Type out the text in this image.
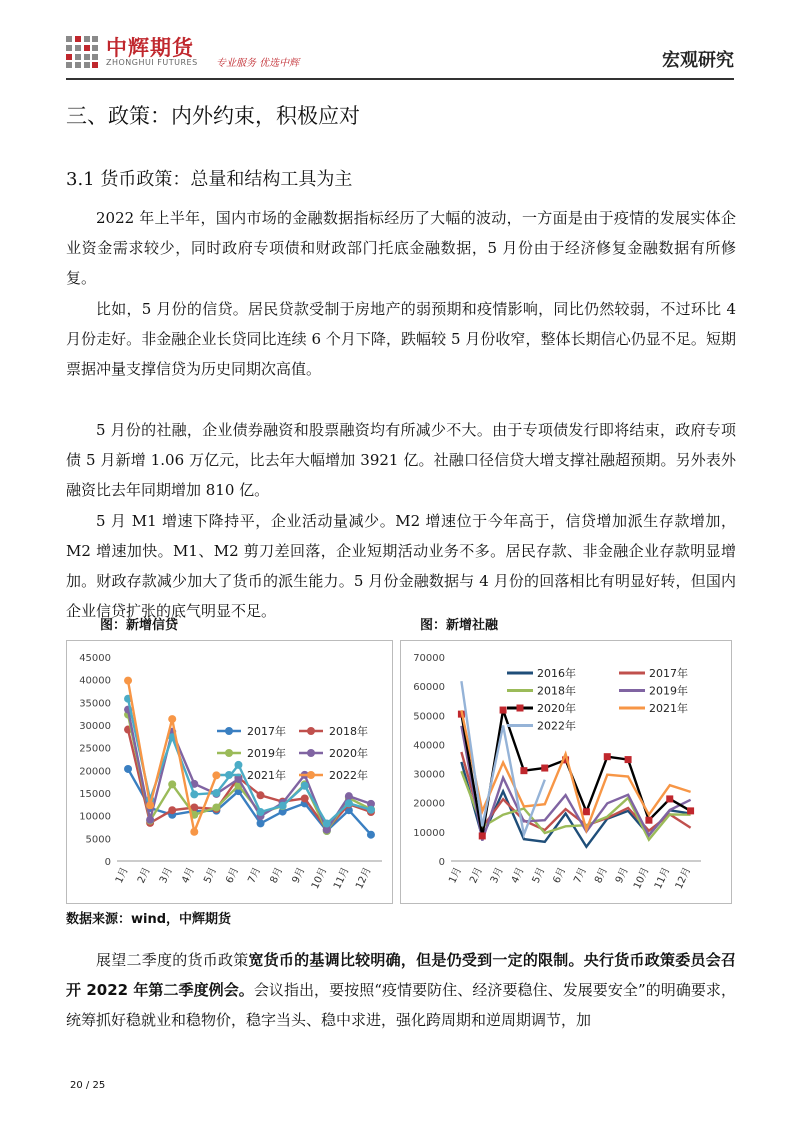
中辉期货
ZHONGHUI FUTURES 专业服务 优选中辉	宏观研究
三、政策：内外约束，积极应对
3.1 货币政策：总量和结构工具为主

2022 年上半年，国内市场的金融数据指标经历了大幅的波动，一方面是由于疫情的发展实体企业资金需求较少，同时政府专项债和财政部门托底金融数据，5 月份由于经济修复金融数据有所修复。

比如，5 月份的信贷。居民贷款受制于房地产的弱预期和疫情影响，同比仍然较弱，不过环比 4 月份走好。非金融企业长贷同比连续 6 个月下降，跌幅较 5 月份收窄，整体长期信心仍显不足。短期票据冲量支撑信贷为历史同期次高值。

5 月份的社融，企业债券融资和股票融资均有所减少不大。由于专项债发行即将结束，政府专项债 5 月新增 1.06 万亿元，比去年大幅增加 3921 亿。社融口径信贷大增支撑社融超预期。另外表外融资比去年同期增加 810 亿。

5 月 M1 增速下降持平，企业活动量减少。M2 增速位于今年高于，信贷增加派生存款增加，M2 增速加快。M1、M2 剪刀差回落，企业短期活动业务不多。居民存款、非金融企业存款明显增加。财政存款减少加大了货币的派生能力。5 月份金融数据与 4 月份的回落相比有明显好转，但国内企业信贷扩张的底气明显不足。

图：新增信贷	图：新增社融
0
5000
10000
15000
20000
25000
30000
35000
40000
45000
1月 2月 3月 4月 5月 6月 7月 8月 9月 10月 11月 12月
2017年	2018年
2019年	2020年
2021年	2022年
0
10000
20000
30000
40000
50000
60000
70000
1月 2月 3月 4月 5月 6月 7月 8月 9月 10月 11月 12月
2016年	2017年
2018年	2019年
2020年	2021年
2022年
数据来源：wind，中辉期货

展望二季度的货币政策宽货币的基调比较明确，但是仍受到一定的限制。央行货币政策委员会召开 2022 年第二季度例会。会议指出，要按照“疫情要防住、经济要稳住、发展要安全”的明确要求，统筹抓好稳就业和稳物价，稳字当头、稳中求进，强化跨周期和逆周期调节，加

20 / 25
